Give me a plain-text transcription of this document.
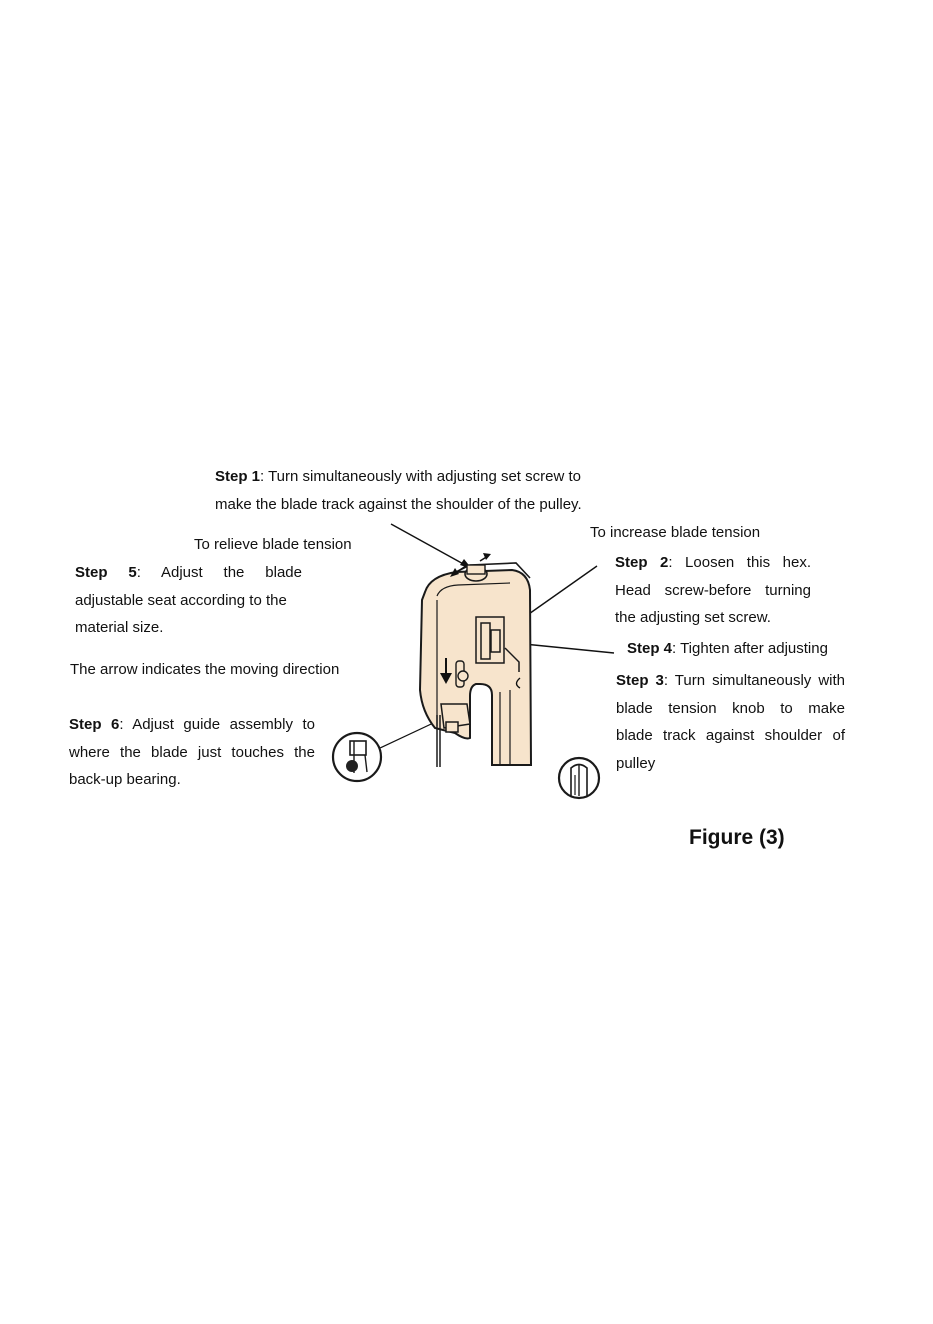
Step 1: Turn simultaneously with adjusting set screw to
make the blade track against the shoulder of the pulley.
To relieve blade tension
To increase blade tension
Step 5: Adjust the blade
adjustable seat according to the
material size.
The arrow indicates the moving direction
Step 6: Adjust guide assembly to
where the blade just touches the
back-up bearing.
Step 2: Loosen this hex.
Head screw-before turning
the adjusting set screw.
Step 4: Tighten after adjusting
Step 3: Turn simultaneously with
blade tension knob to make
blade track against shoulder of
pulley
Figure (3)
